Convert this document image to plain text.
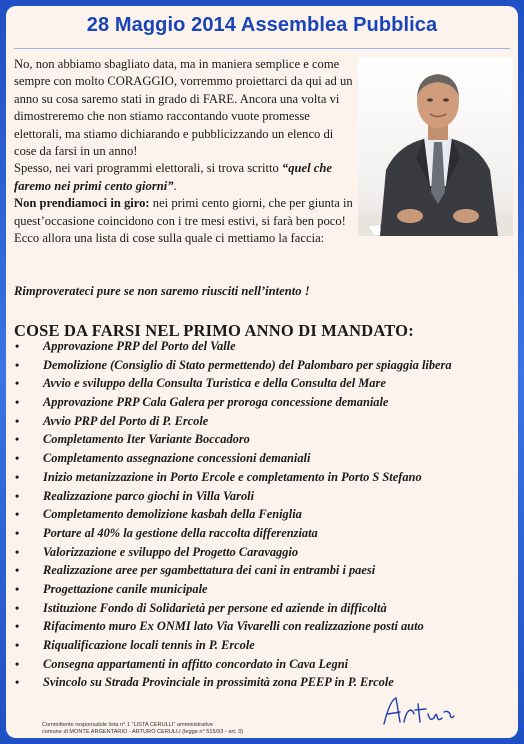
28 Maggio 2014 Assemblea Pubblica

No, non abbiamo sbagliato data, ma in maniera semplice e come sempre con molto CORAGGIO, vorremmo proiettarci da qui ad un anno su cosa saremo stati in grado di FARE. Ancora una volta vi dimostreremo che non stiamo raccontando vuote promesse elettorali, ma stiamo dichiarando e pubblicizzando un elenco di cose da farsi in un anno!

Spesso, nei vari programmi elettorali, si trova scritto “quel che faremo nei primi cento giorni”.

Non prendiamoci in giro: nei primi cento giorni, che per giunta in quest’occasione coincidono con i tre mesi estivi, si farà ben poco!

Ecco allora una lista di cose sulla quale ci mettiamo la faccia:

Rimproverateci pure se non saremo riusciti nell’intento !
COSE DA FARSI NEL PRIMO ANNO DI MANDATO:
• Approvazione PRP del Porto del Valle
• Demolizione (Consiglio di Stato permettendo) del Palombaro per spiaggia libera
• Avvio e sviluppo della Consulta Turistica e della Consulta del Mare
• Approvazione PRP Cala Galera per proroga concessione demaniale
• Avvio PRP del Porto di P. Ercole
• Completamento Iter Variante Boccadoro
• Completamento assegnazione concessioni demaniali
• Inizio metanizzazione in Porto Ercole e completamento in Porto S Stefano
• Realizzazione parco giochi in Villa Varoli
• Completamento demolizione kasbah della Feniglia
• Portare al 40% la gestione della raccolta differenziata
• Valorizzazione e sviluppo del Progetto Caravaggio
• Realizzazione aree per sgambettatura dei cani in entrambi i paesi
• Progettazione canile municipale
• Istituzione Fondo di Solidarietà per persone ed aziende in difficoltà
• Rifacimento muro Ex ONMI lato Via Vivarelli con realizzazione posti auto
• Riqualificazione locali tennis in P. Ercole
• Consegna appartamenti in affitto concordato in Cava Legni
• Svincolo su Strada Provinciale in prossimità zona PEEP in P. Ercole
Committente responsabile lista n° 1 “LISTA CERULLI” amministrative
comune di MONTE ARGENTARIO - ARTURO CERULLI (legge n° 515/93 - art. 3)
